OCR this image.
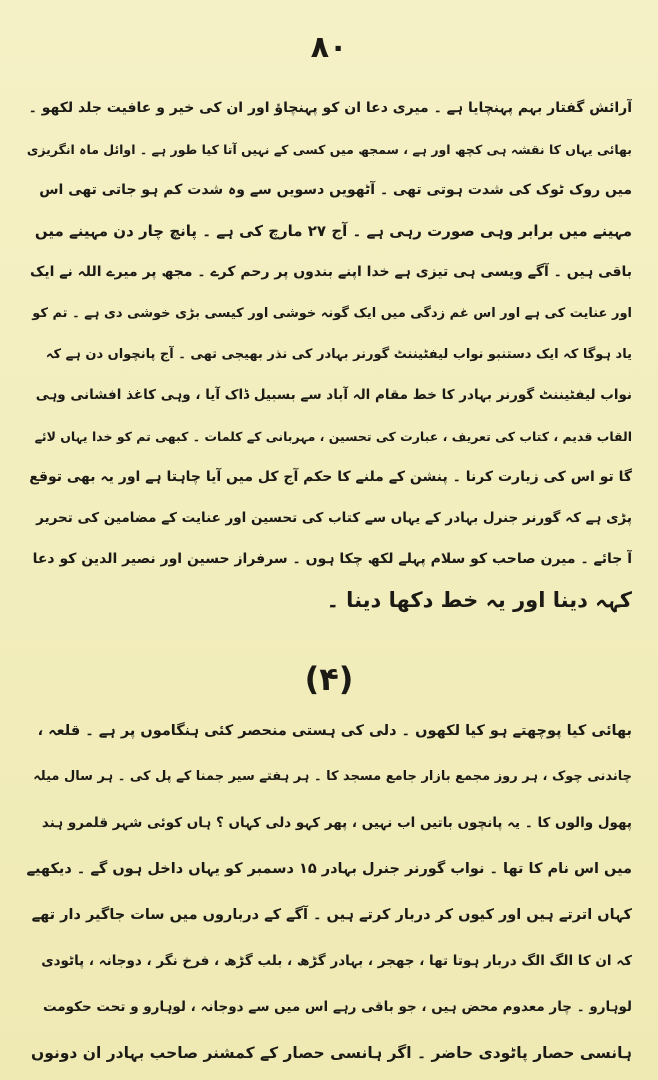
۸۰
آرائش گفتار بہم پہنچایا ہے ۔ میری دعا ان کو پہنچاؤ اور ان کی خیر و عافیت جلد لکھو ۔
بھائی یہاں کا نقشہ ہی کچھ اور ہے ، سمجھ میں کسی کے نہیں آتا کیا طور ہے ۔ اوائل ماہ انگریزی
میں روک ٹوک کی شدت ہوتی تھی ۔ آٹھویں دسویں سے وہ شدت کم ہو جاتی تھی اس
مہینے میں برابر وہی صورت رہی ہے ۔ آج ۲۷ مارچ کی ہے ۔ پانچ چار دن مہینے میں
باقی ہیں ۔ آگے ویسی ہی تیزی ہے خدا اپنے بندوں پر رحم کرے ۔ مجھ پر میرے اللہ نے ایک
اور عنایت کی ہے اور اس غم زدگی میں ایک گونہ خوشی اور کیسی بڑی خوشی دی ہے ۔ تم کو
یاد ہوگا کہ ایک دستنبو نواب لیفٹیننٹ گورنر بہادر کی نذر بھیجی تھی ۔ آج پانچواں دن ہے کہ
نواب لیفٹیننٹ گورنر بہادر کا خط مقام الہ آباد سے بسبیل ڈاک آیا ، وہی کاغذ افشانی وہی
القاب قدیم ، کتاب کی تعریف ، عبارت کی تحسین ، مہربانی کے کلمات ۔ کبھی تم کو خدا یہاں لائے
گا تو اس کی زیارت کرنا ۔ پنشن کے ملنے کا حکم آج کل میں آیا چاہتا ہے اور یہ بھی توقع
پڑی ہے کہ گورنر جنرل بہادر کے یہاں سے کتاب کی تحسین اور عنایت کے مضامین کی تحریر
آ جائے ۔ میرن صاحب کو سلام پہلے لکھ چکا ہوں ۔ سرفراز حسین اور نصیر الدین کو دعا
کہہ دینا اور یہ خط دکھا دینا ۔
(۴)
بھائی کیا پوچھتے ہو کیا لکھوں ۔ دلی کی ہستی منحصر کئی ہنگاموں پر ہے ۔ قلعہ ،
چاندنی چوک ، ہر روز مجمع بازار جامع مسجد کا ۔ ہر ہفتے سیر جمنا کے پل کی ۔ ہر سال میلہ
پھول والوں کا ۔ یہ پانچوں باتیں اب نہیں ، پھر کہو دلی کہاں ؟ ہاں کوئی شہر قلمرو ہند
میں اس نام کا تھا ۔ نواب گورنر جنرل بہادر ۱۵ دسمبر کو یہاں داخل ہوں گے ۔ دیکھیے
کہاں اترتے ہیں اور کیوں کر دربار کرتے ہیں ۔ آگے کے درباروں میں سات جاگیر دار تھے
کہ ان کا الگ الگ دربار ہوتا تھا ، جھجر ، بہادر گڑھ ، بلب گڑھ ، فرخ نگر ، دوجانہ ، پاٹودی
لوہارو ۔ چار معدوم محض ہیں ، جو باقی رہے اس میں سے دوجانہ ، لوہارو و تحت حکومت
ہانسی حصار پاٹودی حاضر ۔ اگر ہانسی حصار کے کمشنر صاحب بہادر ان دونوں
